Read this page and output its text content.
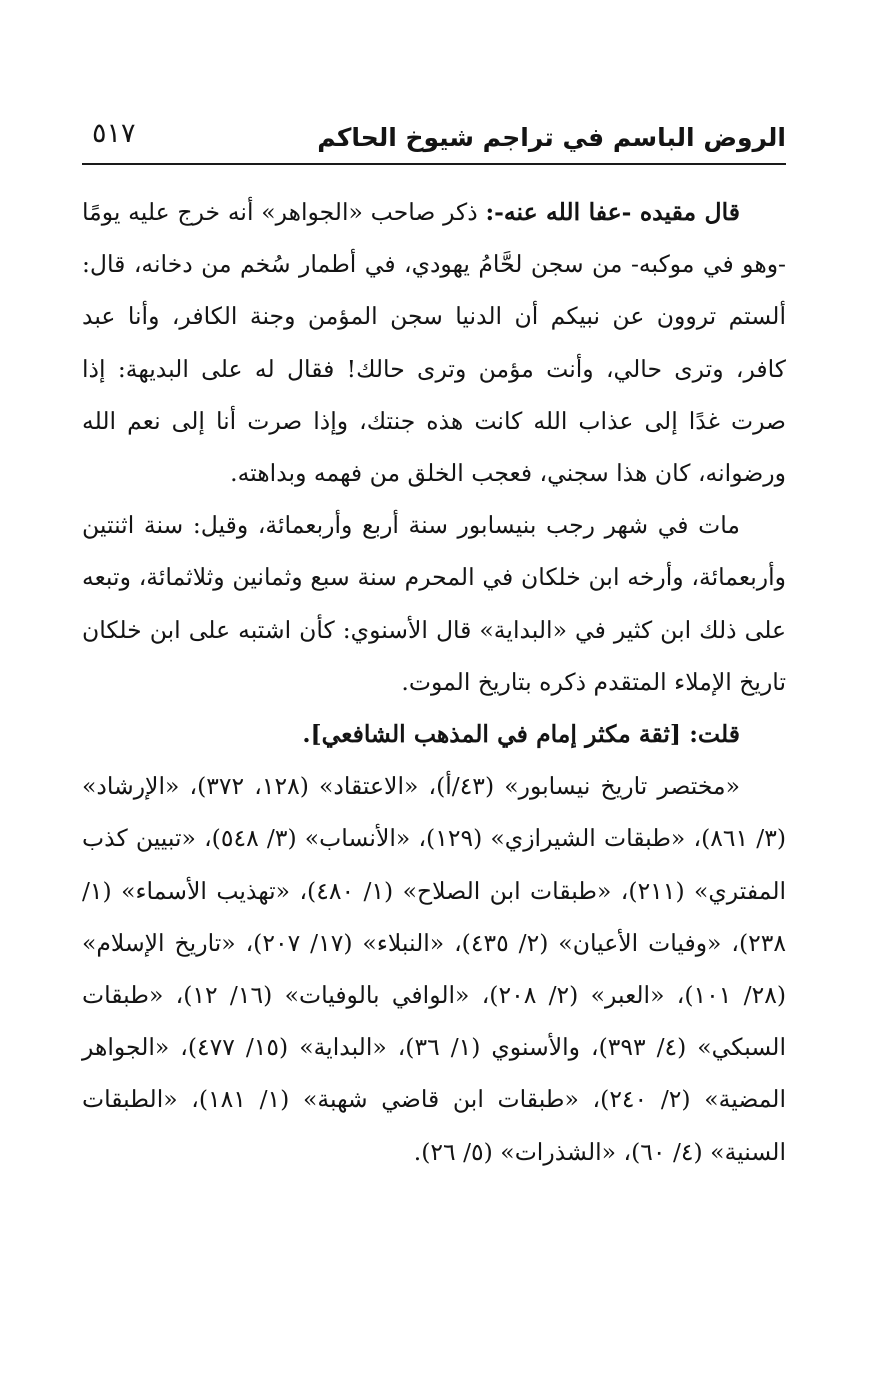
الروض الباسم في تراجم شيوخ الحاكم
٥١٧

قال مقيده -عفا الله عنه-: ذكر صاحب «الجواهر» أنه خرج عليه يومًا -وهو في موكبه- من سجن لحَّامُ يهودي، في أطمار سُخم من دخانه، قال: ألستم تروون عن نبيكم أن الدنيا سجن المؤمن وجنة الكافر، وأنا عبد كافر، وترى حالي، وأنت مؤمن وترى حالك! فقال له على البديهة: إذا صرت غدًا إلى عذاب الله كانت هذه جنتك، وإذا صرت أنا إلى نعم الله ورضوانه، كان هذا سجني، فعجب الخلق من فهمه وبداهته.

مات في شهر رجب بنيسابور سنة أربع وأربعمائة، وقيل: سنة اثنتين وأربعمائة، وأرخه ابن خلكان في المحرم سنة سبع وثمانين وثلاثمائة، وتبعه على ذلك ابن كثير في «البداية» قال الأسنوي: كأن اشتبه على ابن خلكان تاريخ الإملاء المتقدم ذكره بتاريخ الموت.

قلت: [ثقة مكثر إمام في المذهب الشافعي].

«مختصر تاريخ نيسابور» (٤٣/أ)، «الاعتقاد» (١٢٨، ٣٧٢)، «الإرشاد» (٣/ ٨٦١)، «طبقات الشيرازي» (١٢٩)، «الأنساب» (٣/ ٥٤٨)، «تبيين كذب المفتري» (٢١١)، «طبقات ابن الصلاح» (١/ ٤٨٠)، «تهذيب الأسماء» (١/ ٢٣٨)، «وفيات الأعيان» (٢/ ٤٣٥)، «النبلاء» (١٧/ ٢٠٧)، «تاريخ الإسلام» (٢٨/ ١٠١)، «العبر» (٢/ ٢٠٨)، «الوافي بالوفيات» (١٦/ ١٢)، «طبقات السبكي» (٤/ ٣٩٣)، والأسنوي (١/ ٣٦)، «البداية» (١٥/ ٤٧٧)، «الجواهر المضية» (٢/ ٢٤٠)، «طبقات ابن قاضي شهبة» (١/ ١٨١)، «الطبقات السنية» (٤/ ٦٠)، «الشذرات» (٥/ ٢٦).
